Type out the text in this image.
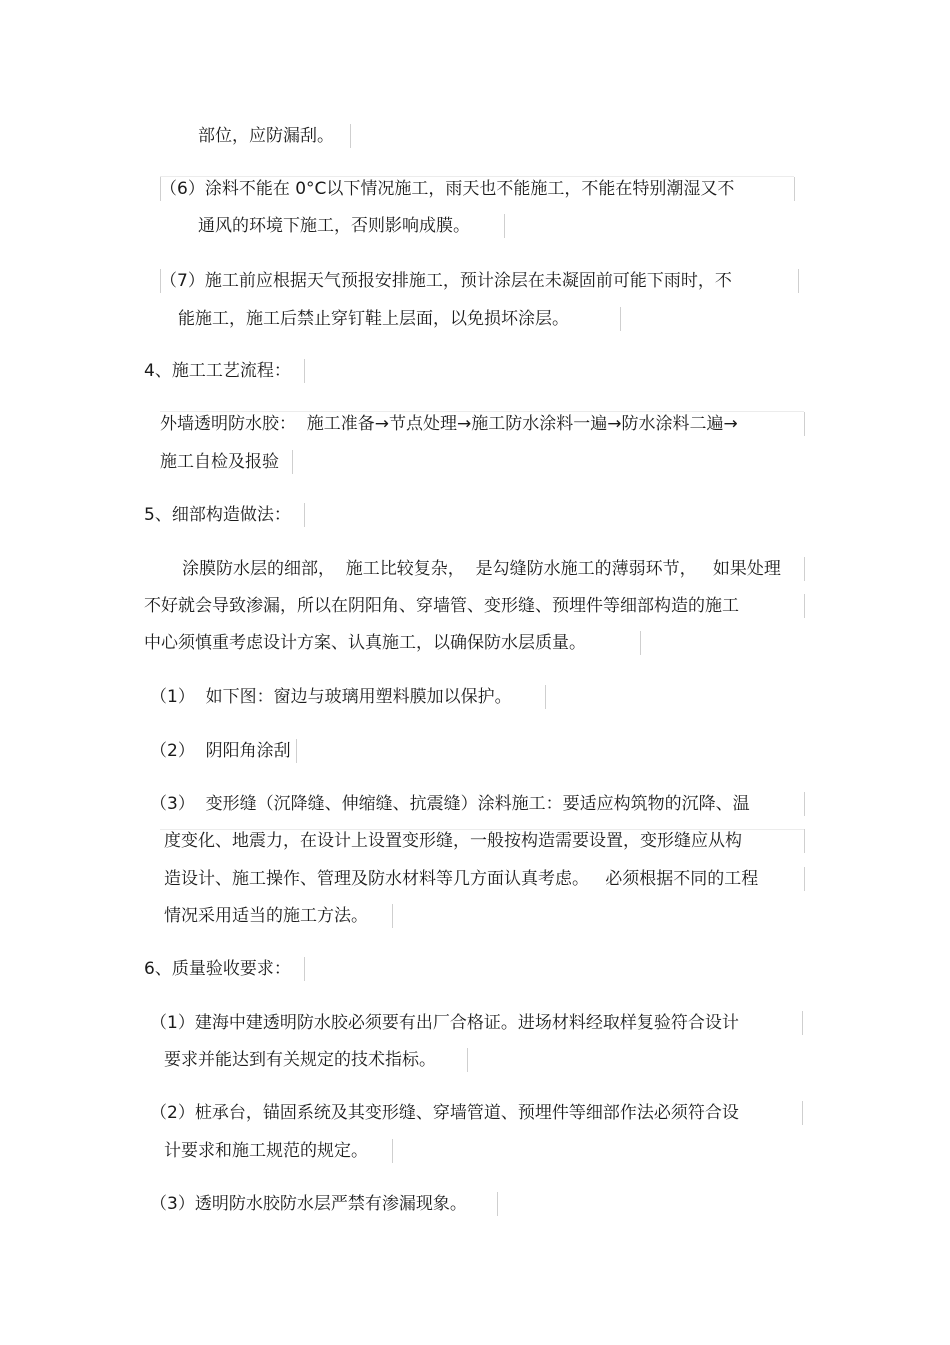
部位，应防漏刮。
（6）涂料不能在 0°C以下情况施工，雨天也不能施工，不能在特别潮湿又不
通风的环境下施工，否则影响成膜。
（7）施工前应根据天气预报安排施工，预计涂层在未凝固前可能下雨时，不
能施工，施工后禁止穿钉鞋上层面，以免损坏涂层。
4、施工工艺流程：
外墙透明防水胶：  施工准备→节点处理→施工防水涂料一遍→防水涂料二遍→
施工自检及报验
5、细部构造做法：
涂膜防水层的细部，  施工比较复杂，  是勾缝防水施工的薄弱环节，   如果处理
不好就会导致渗漏，所以在阴阳角、穿墙管、变形缝、预埋件等细部构造的施工
中心须慎重考虑设计方案、认真施工，以确保防水层质量。
（1）  如下图：窗边与玻璃用塑料膜加以保护。
（2）  阴阳角涂刮
（3）  变形缝（沉降缝、伸缩缝、抗震缝）涂料施工：要适应构筑物的沉降、温
度变化、地震力，在设计上设置变形缝，一般按构造需要设置，变形缝应从构
造设计、施工操作、管理及防水材料等几方面认真考虑。   必须根据不同的工程
情况采用适当的施工方法。
6、质量验收要求：
（1）建海中建透明防水胶必须要有出厂合格证。进场材料经取样复验符合设计
要求并能达到有关规定的技术指标。
（2）桩承台，锚固系统及其变形缝、穿墙管道、预埋件等细部作法必须符合设
计要求和施工规范的规定。
（3）透明防水胶防水层严禁有渗漏现象。
